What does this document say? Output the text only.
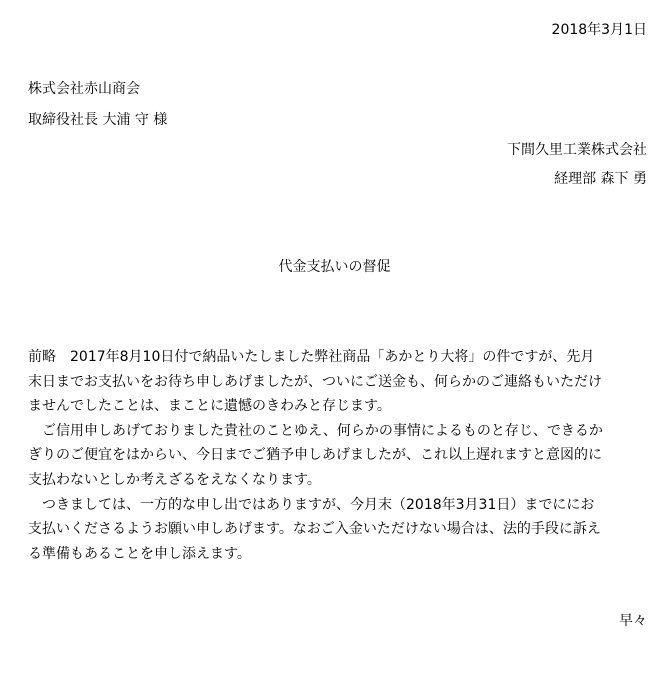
2018年3月1日
株式会社赤山商会
取締役社長 大浦 守 様
下間久里工業株式会社
経理部 森下 勇
代金支払いの督促
前略　2017年8月10日付で納品いたしました弊社商品「あかとり大将」の件ですが、先月
末日までお支払いをお待ち申しあげましたが、ついにご送金も、何らかのご連絡もいただけ
ませんでしたことは、まことに遺憾のきわみと存じます。
　ご信用申しあげておりました貴社のことゆえ、何らかの事情によるものと存じ、できるか
ぎりのご便宜をはからい、今日までご猶予申しあげましたが、これ以上遅れますと意図的に
支払わないとしか考えざるをえなくなります。
　つきましては、一方的な申し出ではありますが、今月末（2018年3月31日）までににお
支払いくださるようお願い申しあげます。なおご入金いただけない場合は、法的手段に訴え
る準備もあることを申し添えます。
早々
